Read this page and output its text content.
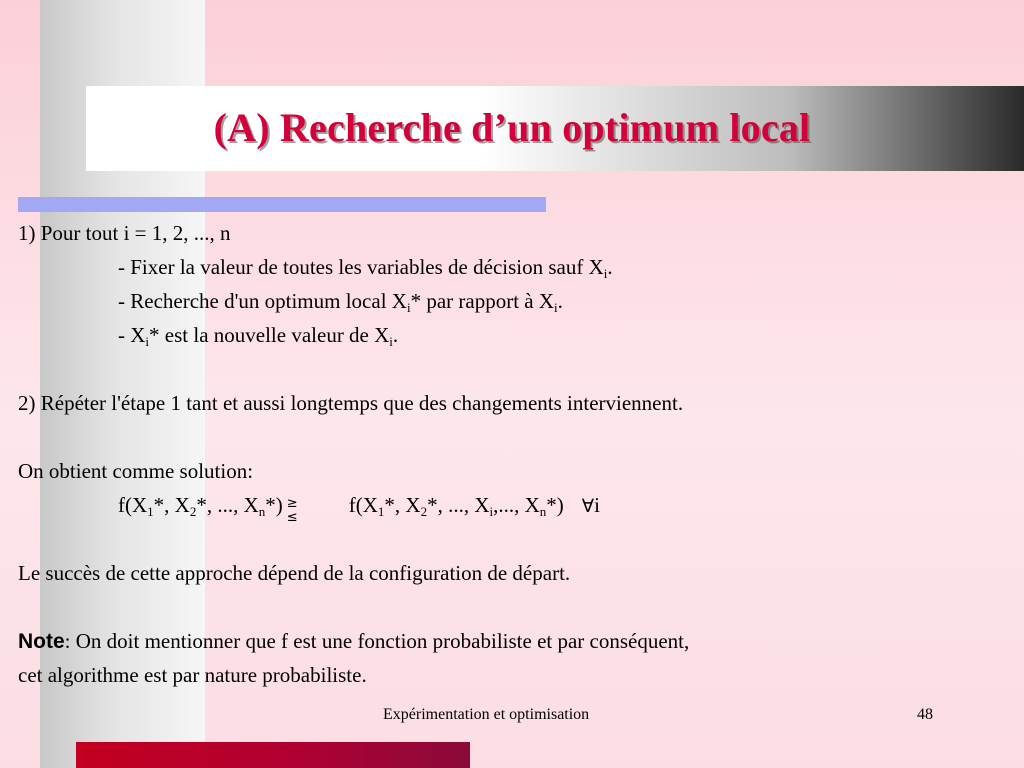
(A) Recherche d’un optimum local
1) Pour tout i = 1, 2, ..., n
- Fixer la valeur de toutes les variables de décision sauf $X_i$.
- Recherche d'un optimum local $X_i*$ par rapport à $X_i$.
- $X_i*$ est la nouvelle valeur de $X_i$.
2) Répéter l'étape 1 tant et aussi longtemps que des changements interviennent.
On obtient comme solution:
$f(X_1*$, $X_2*$, ..., $X_n*$) ≥
≤
$f(X_1*$, $X_2*$, ..., $X_i$,..., $X_n*$) ∀i
Le succès de cette approche dépend de la configuration de départ.
Note: On doit mentionner que f est une fonction probabiliste et par conséquent,
cet algorithme est par nature probabiliste.
Expérimentation et optimisation	48
